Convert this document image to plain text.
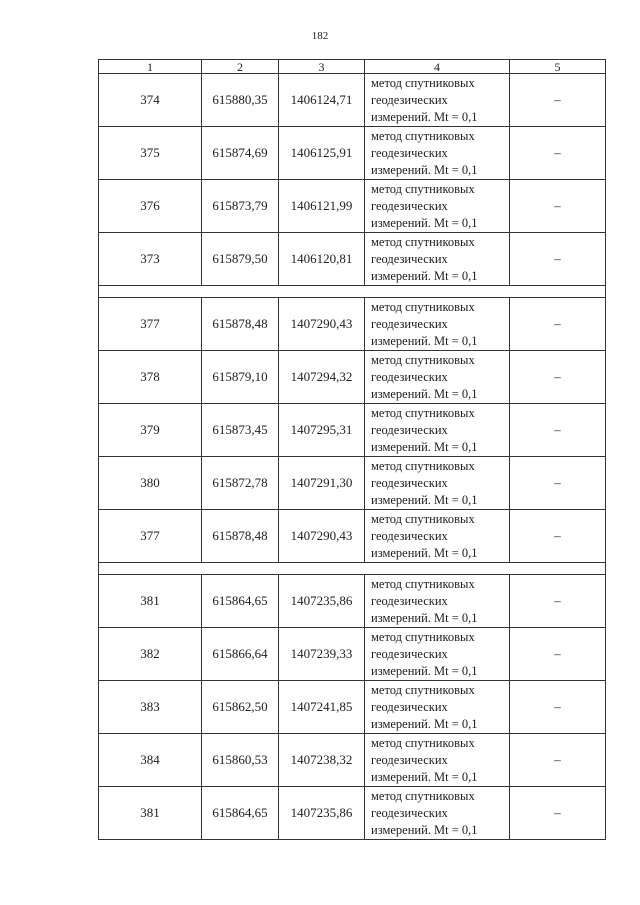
182
1	2	3	4	5
374	615880,35	1406124,71	метод спутниковых
геодезических
измерений. Mt = 0,1	–
375	615874,69	1406125,91	метод спутниковых
геодезических
измерений. Mt = 0,1	–
376	615873,79	1406121,99	метод спутниковых
геодезических
измерений. Mt = 0,1	–
373	615879,50	1406120,81	метод спутниковых
геодезических
измерений. Mt = 0,1	–

377	615878,48	1407290,43	метод спутниковых
геодезических
измерений. Mt = 0,1	–
378	615879,10	1407294,32	метод спутниковых
геодезических
измерений. Mt = 0,1	–
379	615873,45	1407295,31	метод спутниковых
геодезических
измерений. Mt = 0,1	–
380	615872,78	1407291,30	метод спутниковых
геодезических
измерений. Mt = 0,1	–
377	615878,48	1407290,43	метод спутниковых
геодезических
измерений. Mt = 0,1	–

381	615864,65	1407235,86	метод спутниковых
геодезических
измерений. Mt = 0,1	–
382	615866,64	1407239,33	метод спутниковых
геодезических
измерений. Mt = 0,1	–
383	615862,50	1407241,85	метод спутниковых
геодезических
измерений. Mt = 0,1	–
384	615860,53	1407238,32	метод спутниковых
геодезических
измерений. Mt = 0,1	–
381	615864,65	1407235,86	метод спутниковых
геодезических
измерений. Mt = 0,1	–
